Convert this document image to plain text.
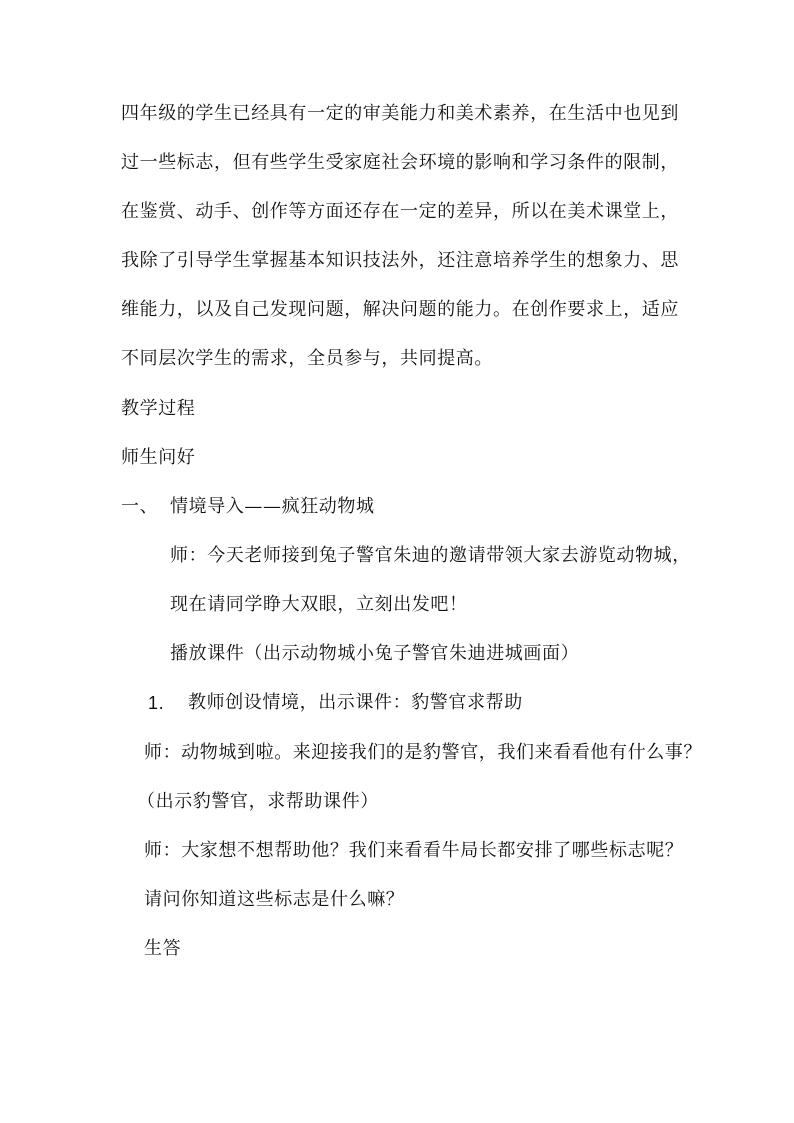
四年级的学生已经具有一定的审美能力和美术素养，在生活中也见到
过一些标志，但有些学生受家庭社会环境的影响和学习条件的限制，
在鉴赏、动手、创作等方面还存在一定的差异，所以在美术课堂上，
我除了引导学生掌握基本知识技法外，还注意培养学生的想象力、思
维能力，以及自己发现问题，解决问题的能力。在创作要求上，适应
不同层次学生的需求，全员参与，共同提高。
教学过程
师生问好
一、 情境导入——疯狂动物城
师：今天老师接到兔子警官朱迪的邀请带领大家去游览动物城，
现在请同学睁大双眼，立刻出发吧！
播放课件（出示动物城小兔子警官朱迪进城画面）
1. 教师创设情境，出示课件：豹警官求帮助
师：动物城到啦。来迎接我们的是豹警官，我们来看看他有什么事？
（出示豹警官，求帮助课件）
师：大家想不想帮助他？我们来看看牛局长都安排了哪些标志呢？
请问你知道这些标志是什么嘛？
生答
